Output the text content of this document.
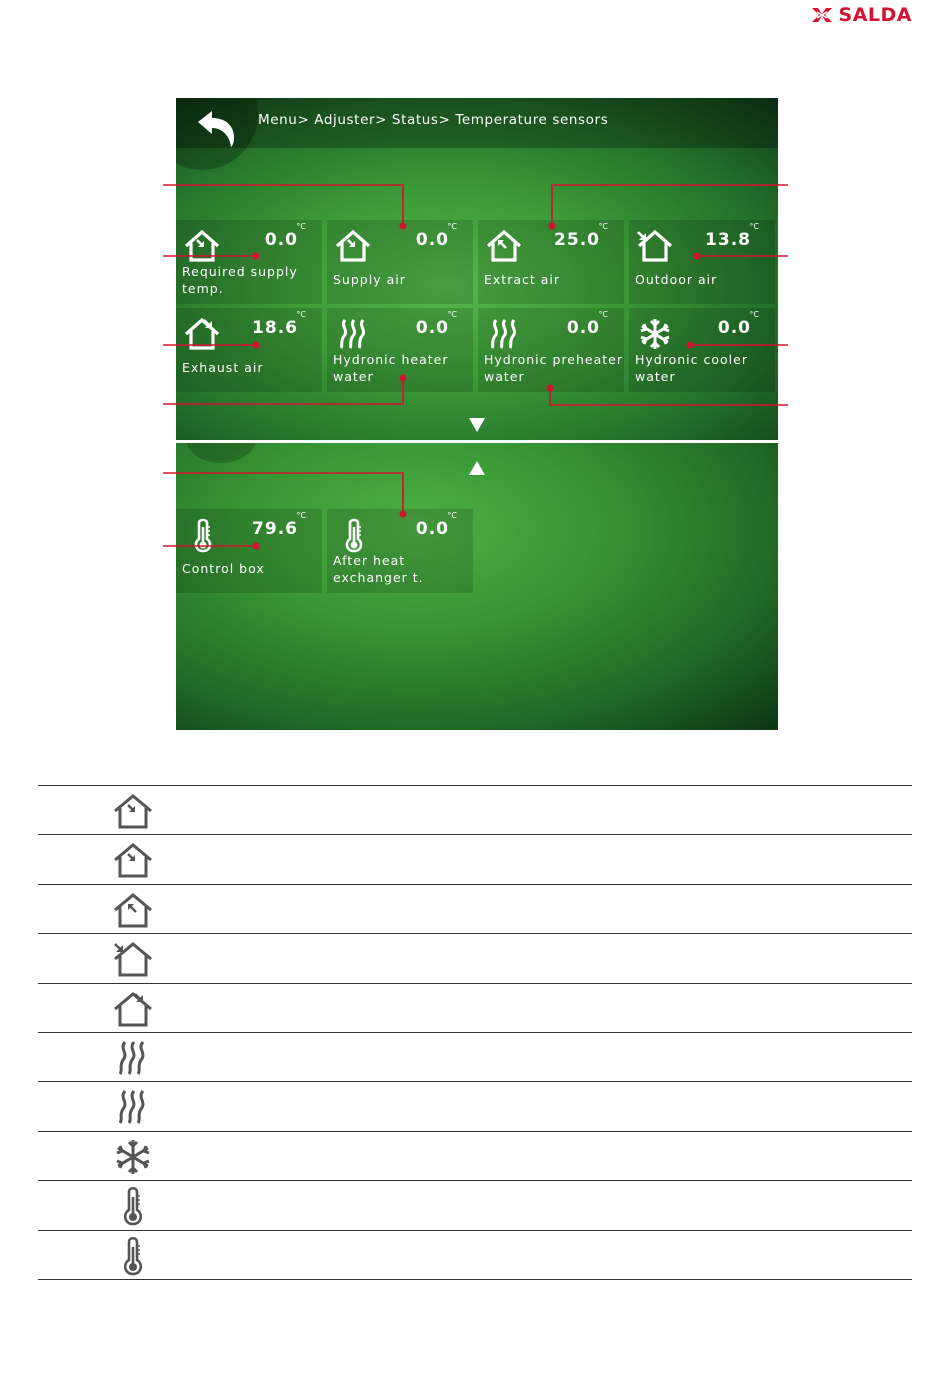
SALDA
Menu> Adjuster> Status> Temperature sensors
°C
0.0
Required supply temp.
°C
0.0
Supply air
°C
25.0
Extract air
°C
13.8
Outdoor air
°C
18.6
Exhaust air
°C
0.0
Hydronic heater water
°C
0.0
Hydronic preheater water
°C
0.0
Hydronic cooler water
°C
79.6
Control box
°C
0.0
After heat exchanger t.
